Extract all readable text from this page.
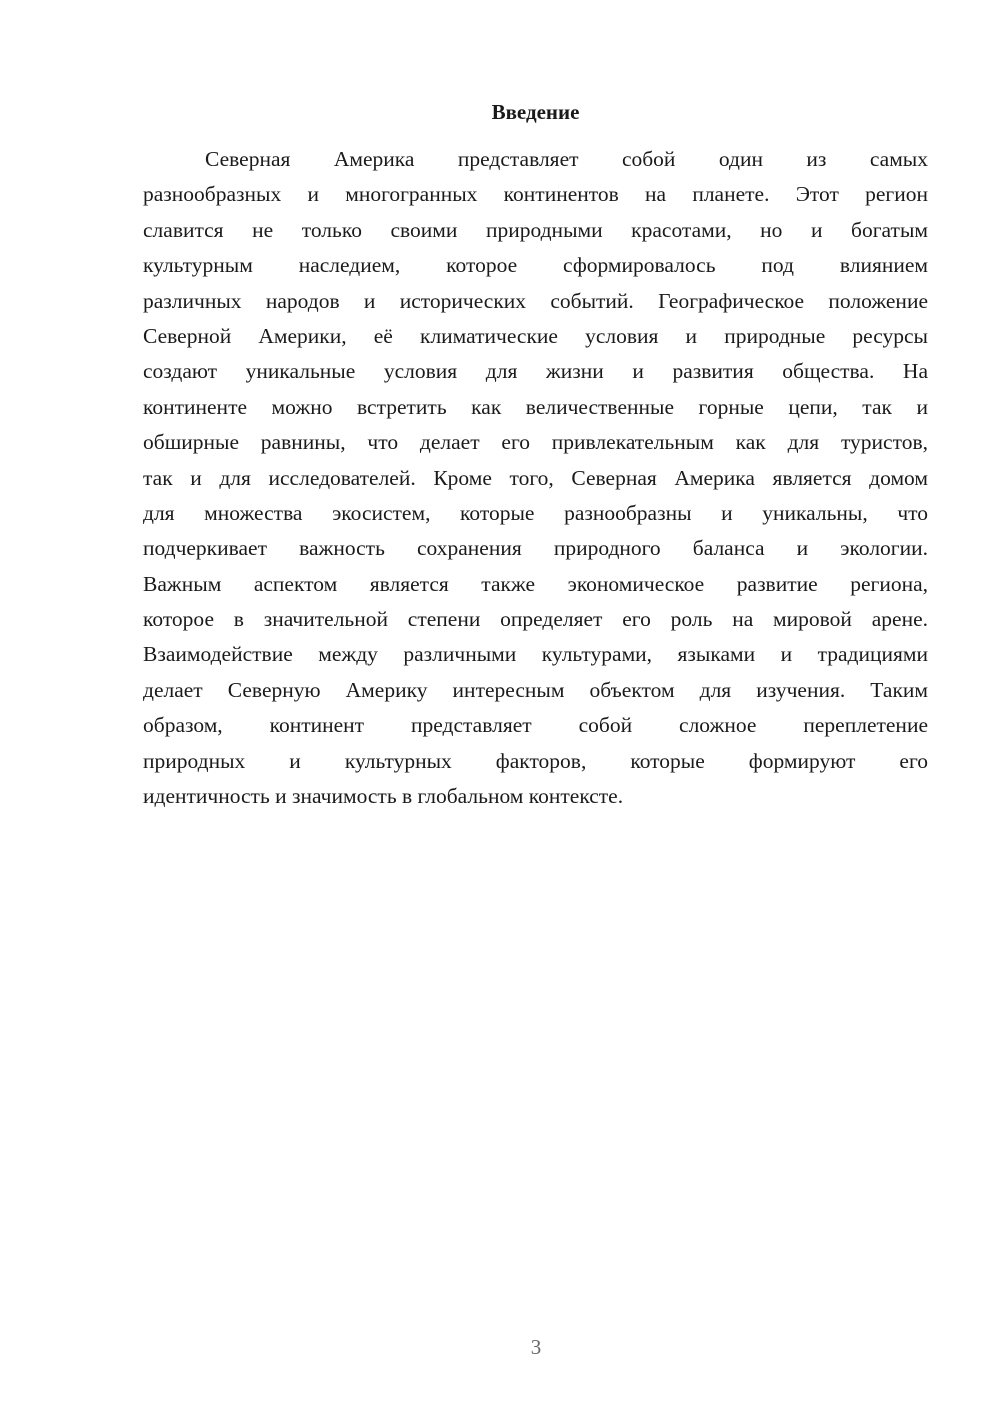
Введение
Северная Америка представляет собой один из самых
разнообразных и многогранных континентов на планете. Этот регион
славится не только своими природными красотами, но и богатым
культурным наследием, которое сформировалось под влиянием
различных народов и исторических событий. Географическое положение
Северной Америки, её климатические условия и природные ресурсы
создают уникальные условия для жизни и развития общества. На
континенте можно встретить как величественные горные цепи, так и
обширные равнины, что делает его привлекательным как для туристов,
так и для исследователей. Кроме того, Северная Америка является домом
для множества экосистем, которые разнообразны и уникальны, что
подчеркивает важность сохранения природного баланса и экологии.
Важным аспектом является также экономическое развитие региона,
которое в значительной степени определяет его роль на мировой арене.
Взаимодействие между различными культурами, языками и традициями
делает Северную Америку интересным объектом для изучения. Таким
образом, континент представляет собой сложное переплетение
природных и культурных факторов, которые формируют его
идентичность и значимость в глобальном контексте.
3
